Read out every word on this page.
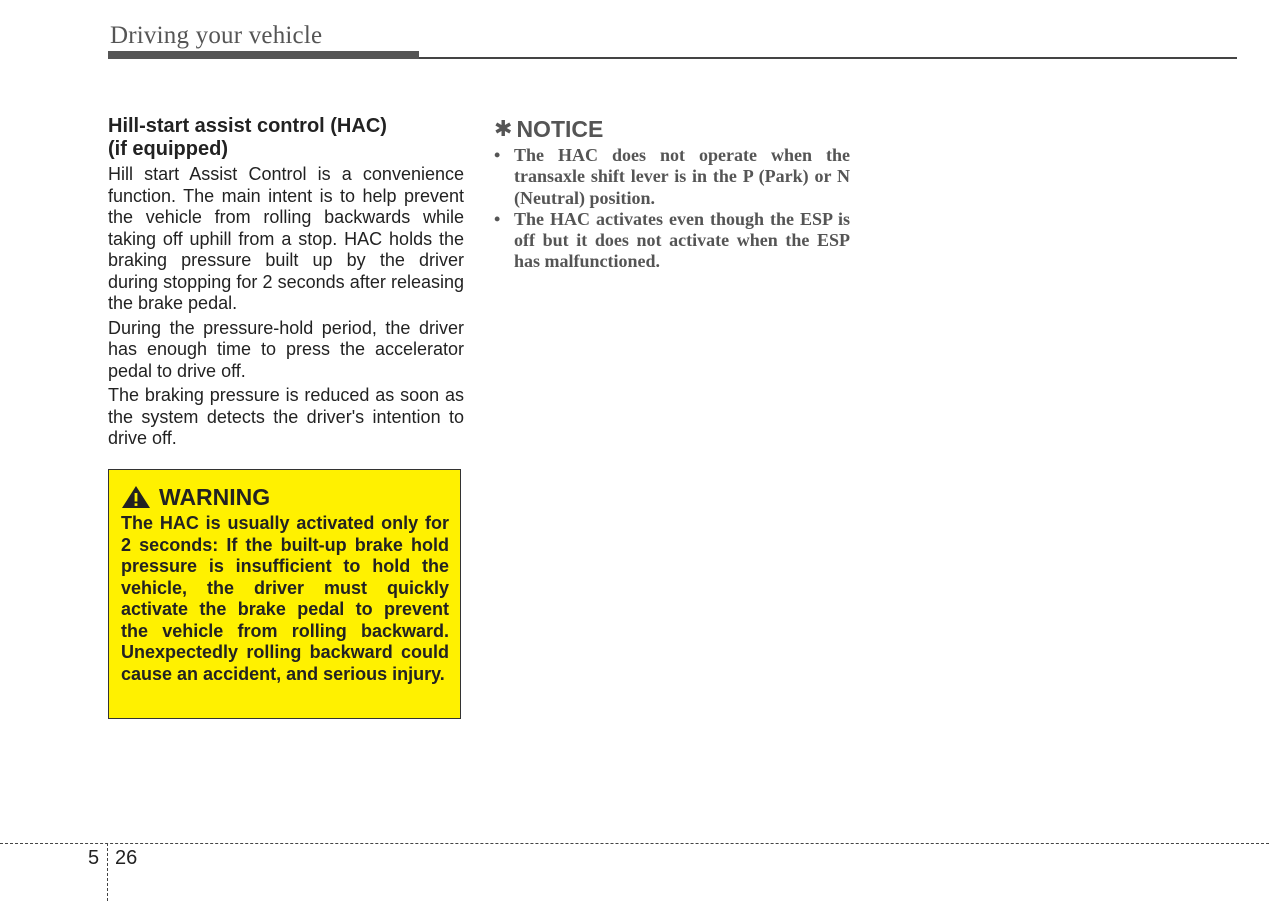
Driving your vehicle
Hill-start assist control (HAC)
(if equipped)

Hill start Assist Control is a convenience function. The main intent is to help prevent the vehicle from rolling backwards while taking off uphill from a stop. HAC holds the braking pressure built up by the driver during stopping for 2 seconds after releasing the brake pedal.

During the pressure-hold period, the driver has enough time to press the accelerator pedal to drive off.

The braking pressure is reduced as soon as the system detects the driver's intention to drive off.

WARNING

The HAC is usually activated only for 2 seconds: If the built-up brake hold pressure is insufficient to hold the vehicle, the driver must quickly activate the brake pedal to prevent the vehicle from rolling backward. Unexpectedly rolling backward could cause an accident, and serious injury.

✱ NOTICE
• The HAC does not operate when the transaxle shift lever is in the P (Park) or N (Neutral) position.
• The HAC activates even though the ESP is off but it does not activate when the ESP has malfunctioned.
5 26
